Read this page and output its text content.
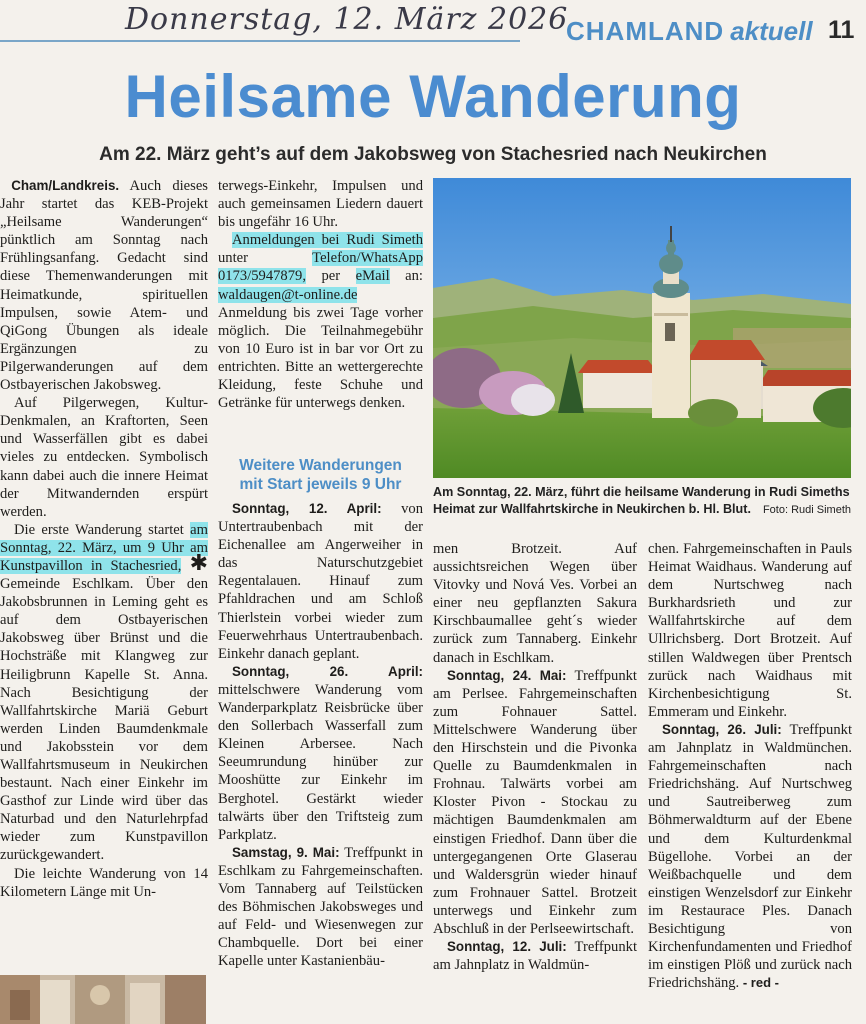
Donnerstag, 12. März 2026
CHAMLAND aktuell 11
Heilsame Wanderung
Am 22. März geht’s auf dem Jakobsweg von Stachesried nach Neukirchen

Cham/Landkreis. Auch dieses Jahr startet das KEB-Projekt „Heilsame Wanderungen“ pünktlich am Sonntag nach Frühlingsanfang. Gedacht sind diese Themenwanderungen mit Heimatkunde, spirituellen Impulsen, sowie Atem- und QiGong Übungen als ideale Ergänzungen zu Pilgerwanderungen auf dem Ostbayerischen Jakobsweg.

Auf Pilgerwegen, Kultur-Denkmalen, an Kraftorten, Seen und Wasserfällen gibt es dabei vieles zu entdecken. Symbolisch kann dabei auch die innere Heimat der Mitwandernden erspürt werden.

Die erste Wanderung startet am Sonntag, 22. März, um 9 Uhr am Kunstpavillon in Stachesried, ✱ Gemeinde Eschlkam. Über den Jakobsbrunnen in Leming geht es auf dem Ostbayerischen Jakobsweg über Brünst und die Hochsträße mit Klangweg zur Heiligbrunn Kapelle St. Anna. Nach Besichtigung der Wallfahrtskirche Mariä Geburt werden Linden Baumdenkmale und Jakobsstein vor dem Wallfahrtsmuseum in Neukirchen bestaunt. Nach einer Einkehr im Gasthof zur Linde wird über das Naturbad und den Naturlehrpfad wieder zum Kunstpavillon zurückgewandert.

Die leichte Wanderung von 14 Kilometern Länge mit Un-

terwegs-Einkehr, Impulsen und auch gemeinsamen Liedern dauert bis ungefähr 16 Uhr.

Anmeldungen bei Rudi Simeth unter Telefon/WhatsApp 0173/5947879, per eMail an: waldaugen@t-online.de Anmeldung bis zwei Tage vorher möglich. Die Teilnahmegebühr von 10 Euro ist in bar vor Ort zu entrichten. Bitte an wettergerechte Kleidung, feste Schuhe und Getränke für unterwegs denken.

Weitere Wanderungen
mit Start jeweils 9 Uhr

Sonntag, 12. April: von Untertraubenbach mit der Eichenallee am Angerweiher in das Naturschutzgebiet Regentalauen. Hinauf zum Pfahldrachen und am Schloß Thierlstein vorbei wieder zum Feuerwehrhaus Untertraubenbach. Einkehr danach geplant.

Sonntag, 26. April: mittelschwere Wanderung vom Wanderparkplatz Reisbrücke über den Sollerbach Wasserfall zum Kleinen Arbersee. Nach Seeumrundung hinüber zur Mooshütte zur Einkehr im Berghotel. Gestärkt wieder talwärts über den Triftsteig zum Parkplatz.

Samstag, 9. Mai: Treffpunkt in Eschlkam zu Fahrgemeinschaften. Vom Tannaberg auf Teilstücken des Böhmischen Jakobsweges und auf Feld- und Wiesenwegen zur Chambquelle. Dort bei einer Kapelle unter Kastanienbäu-

Am Sonntag, 22. März, führt die heilsame Wanderung in Rudi Simeths Heimat zur Wallfahrtskirche in Neukirchen b. Hl. Blut. Foto: Rudi Simeth

men Brotzeit. Auf aussichtsreichen Wegen über Vitovky und Nová Ves. Vorbei an einer neu gepflanzten Sakura Kirschbaumallee geht´s wieder zurück zum Tannaberg. Einkehr danach in Eschlkam.

Sonntag, 24. Mai: Treffpunkt am Perlsee. Fahrgemeinschaften zum Fohnauer Sattel. Mittelschwere Wanderung über den Hirschstein und die Pivonka Quelle zu Baumdenkmalen in Frohnau. Talwärts vorbei am Kloster Pivon - Stockau zu mächtigen Baumdenkmalen am einstigen Friedhof. Dann über die untergegangenen Orte Glaserau und Waldersgrün wieder hinauf zum Frohnauer Sattel. Brotzeit unterwegs und Einkehr zum Abschluß in der Perlseewirtschaft.

Sonntag, 12. Juli: Treffpunkt am Jahnplatz in Waldmün-

chen. Fahrgemeinschaften in Pauls Heimat Waidhaus. Wanderung auf dem Nurtschweg nach Burkhardsrieth und zur Wallfahrtskirche auf dem Ullrichsberg. Dort Brotzeit. Auf stillen Waldwegen über Prentsch zurück nach Waidhaus mit Kirchenbesichtigung St. Emmeram und Einkehr.

Sonntag, 26. Juli: Treffpunkt am Jahnplatz in Waldmünchen. Fahrgemeinschaften nach Friedrichshäng. Auf Nurtschweg und Sautreiberweg zum Böhmerwaldturm auf der Ebene und dem Kulturdenkmal Bügellohe. Vorbei an der Weißbachquelle und dem einstigen Wenzelsdorf zur Einkehr im Restaurace Ples. Danach Besichtigung von Kirchenfundamenten und Friedhof im einstigen Plöß und zurück nach Friedrichshäng. - red -
